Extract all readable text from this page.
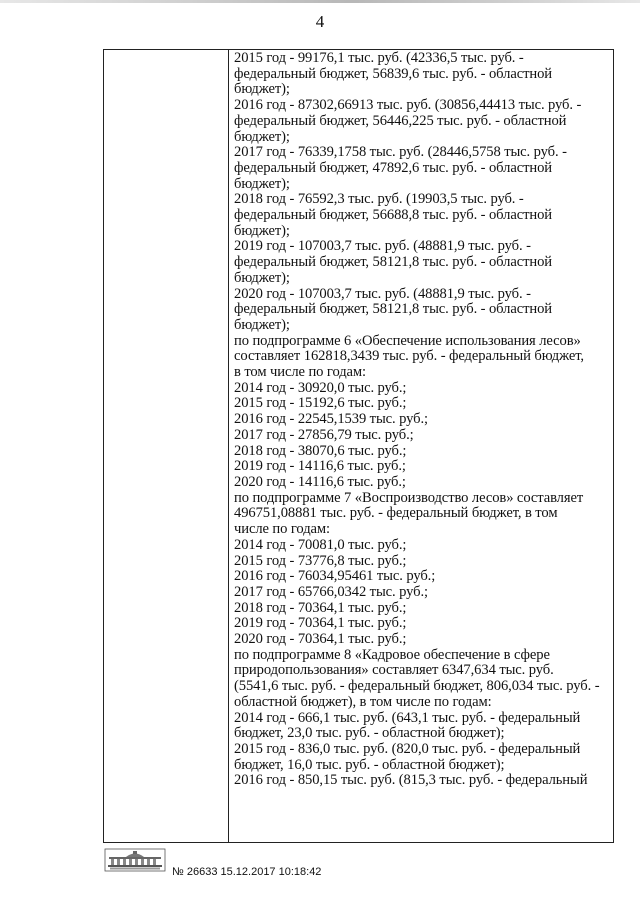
4
2015 год - 99176,1 тыс. руб. (42336,5 тыс. руб. -
федеральный бюджет, 56839,6 тыс. руб. - областной
бюджет);
2016 год - 87302,66913 тыс. руб. (30856,44413 тыс. руб. -
федеральный бюджет, 56446,225 тыс. руб. - областной
бюджет);
2017 год - 76339,1758 тыс. руб. (28446,5758 тыс. руб. -
федеральный бюджет, 47892,6 тыс. руб. - областной
бюджет);
2018 год - 76592,3 тыс. руб. (19903,5 тыс. руб. -
федеральный бюджет, 56688,8 тыс. руб. - областной
бюджет);
2019 год - 107003,7 тыс. руб. (48881,9 тыс. руб. -
федеральный бюджет, 58121,8 тыс. руб. - областной
бюджет);
2020 год - 107003,7 тыс. руб. (48881,9 тыс. руб. -
федеральный бюджет, 58121,8 тыс. руб. - областной
бюджет);
по подпрограмме 6 «Обеспечение использования лесов»
составляет 162818,3439 тыс. руб. - федеральный бюджет,
в том числе по годам:
2014 год - 30920,0 тыс. руб.;
2015 год - 15192,6 тыс. руб.;
2016 год - 22545,1539 тыс. руб.;
2017 год - 27856,79 тыс. руб.;
2018 год - 38070,6 тыс. руб.;
2019 год - 14116,6 тыс. руб.;
2020 год - 14116,6 тыс. руб.;
по подпрограмме 7 «Воспроизводство лесов» составляет
496751,08881 тыс. руб. - федеральный бюджет, в том
числе по годам:
2014 год - 70081,0 тыс. руб.;
2015 год - 73776,8 тыс. руб.;
2016 год - 76034,95461 тыс. руб.;
2017 год - 65766,0342 тыс. руб.;
2018 год - 70364,1 тыс. руб.;
2019 год - 70364,1 тыс. руб.;
2020 год - 70364,1 тыс. руб.;
по подпрограмме 8 «Кадровое обеспечение в сфере
природопользования» составляет 6347,634 тыс. руб.
(5541,6 тыс. руб. - федеральный бюджет, 806,034 тыс. руб. -
областной бюджет), в том числе по годам:
2014 год - 666,1 тыс. руб. (643,1 тыс. руб. - федеральный
бюджет, 23,0 тыс. руб. - областной бюджет);
2015 год - 836,0 тыс. руб. (820,0 тыс. руб. - федеральный
бюджет, 16,0 тыс. руб. - областной бюджет);
2016 год - 850,15 тыс. руб. (815,3 тыс. руб. - федеральный
№ 26633 15.12.2017 10:18:42
